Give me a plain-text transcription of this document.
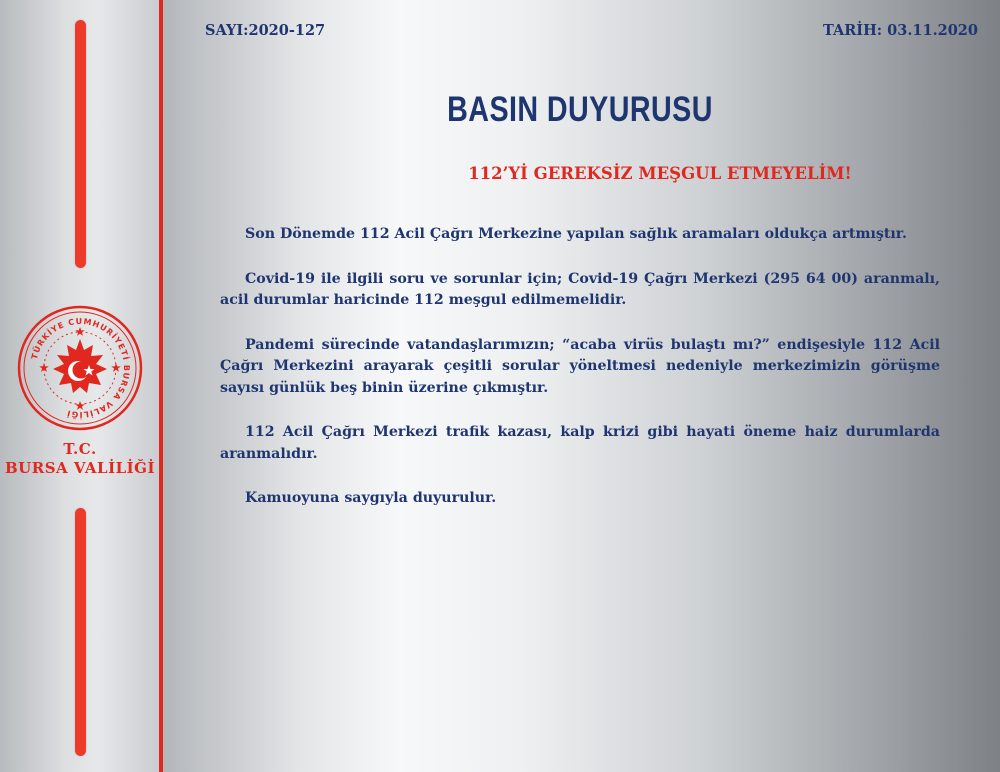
TÜRKİYE CUMHURİYETİ BURSA VALİLİĞİ
T.C.
BURSA VALİLİĞİ
SAYI:2020-127	TARİH: 03.11.2020
BASIN DUYURUSU
112’Yİ GEREKSİZ MEŞGUL ETMEYELİM!

Son Dönemde 112 Acil Çağrı Merkezine yapılan sağlık aramaları oldukça artmıştır.

Covid-19 ile ilgili soru ve sorunlar için; Covid-19 Çağrı Merkezi (295 64 00) aranmalı, acil durumlar haricinde 112 meşgul edilmemelidir.

Pandemi sürecinde vatandaşlarımızın; “acaba virüs bulaştı mı?” endişesiyle 112 Acil Çağrı Merkezini arayarak çeşitli sorular yöneltmesi nedeniyle merkezimizin görüşme sayısı günlük beş binin üzerine çıkmıştır.

112 Acil Çağrı Merkezi trafik kazası, kalp krizi gibi hayati öneme haiz durumlarda aranmalıdır.

Kamuoyuna saygıyla duyurulur.
